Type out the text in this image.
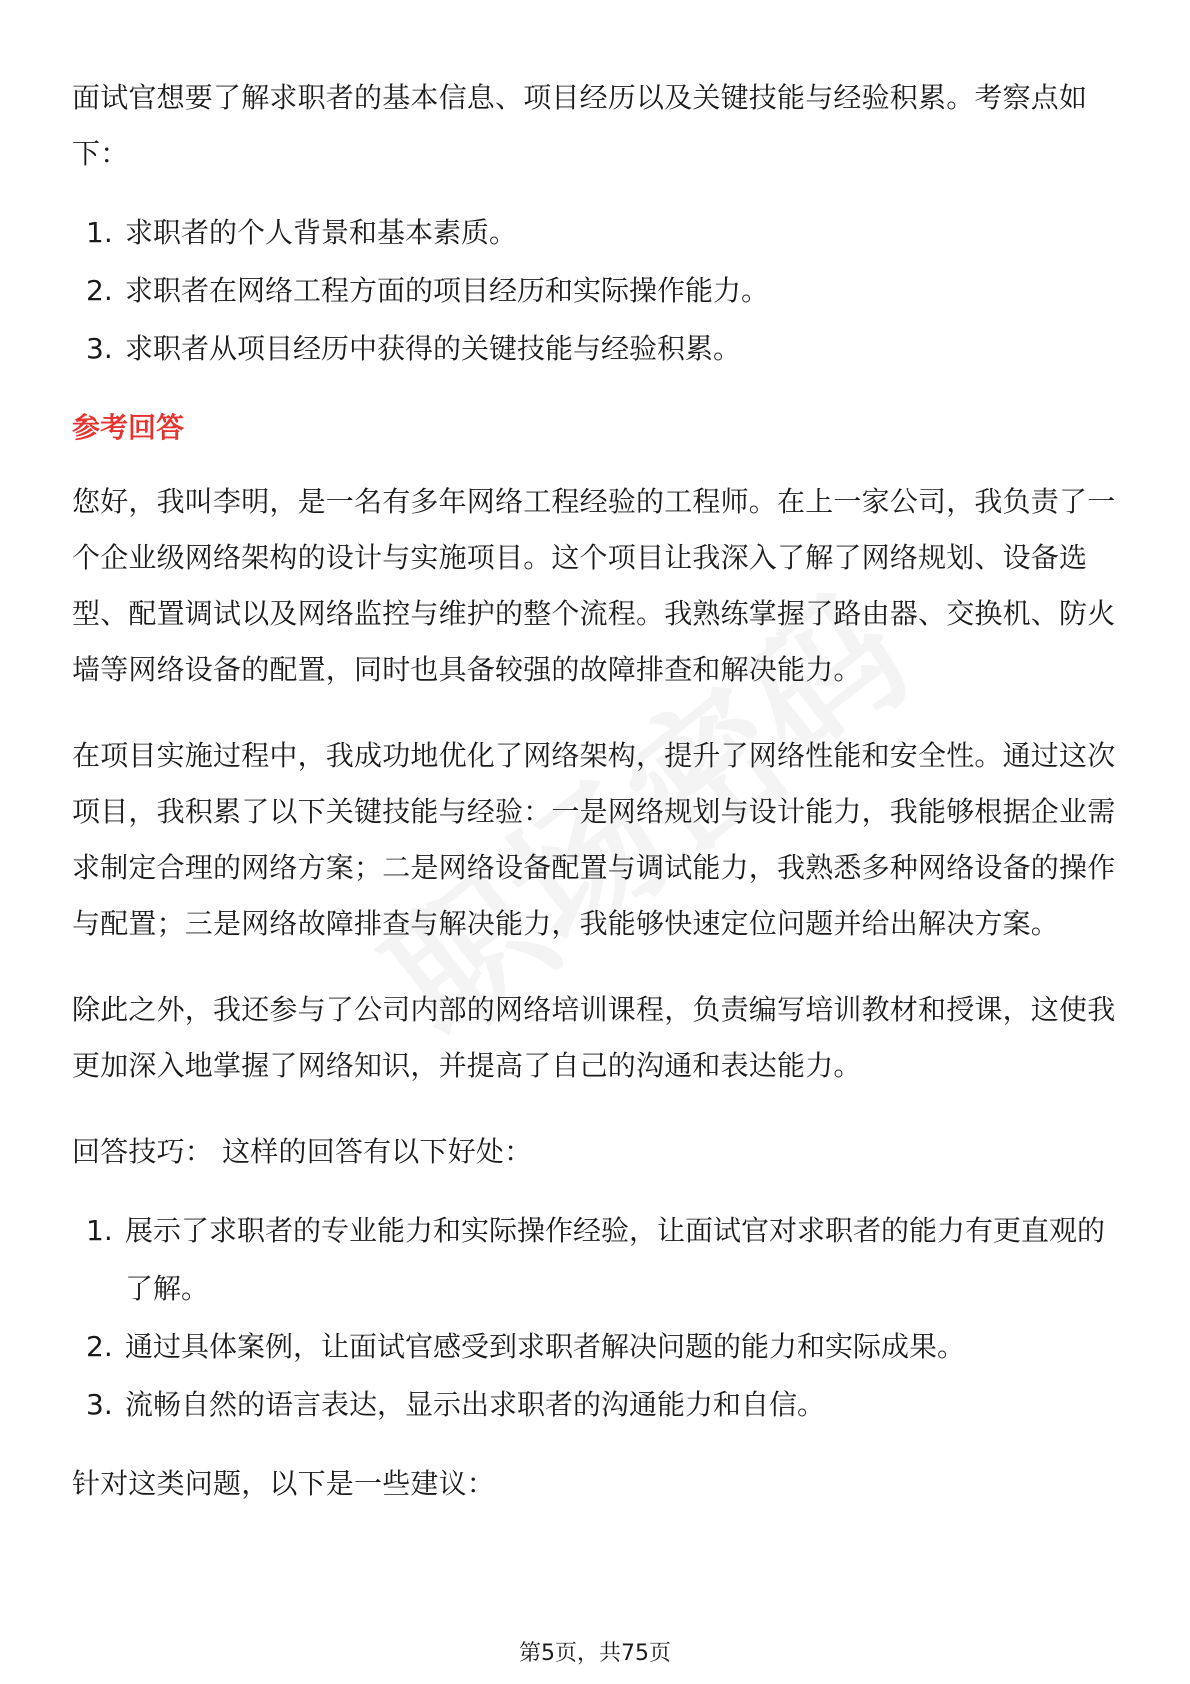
面试官想要了解求职者的基本信息、项目经历以及关键技能与经验积累。考察点如下：

1. 求职者的个人背景和基本素质。
2. 求职者在网络工程方面的项目经历和实际操作能力。
3. 求职者从项目经历中获得的关键技能与经验积累。
参考回答

您好，我叫李明，是一名有多年网络工程经验的工程师。在上一家公司，我负责了一个企业级网络架构的设计与实施项目。这个项目让我深入了解了网络规划、设备选型、配置调试以及网络监控与维护的整个流程。我熟练掌握了路由器、交换机、防火墙等网络设备的配置，同时也具备较强的故障排查和解决能力。

在项目实施过程中，我成功地优化了网络架构，提升了网络性能和安全性。通过这次项目，我积累了以下关键技能与经验：一是网络规划与设计能力，我能够根据企业需求制定合理的网络方案；二是网络设备配置与调试能力，我熟悉多种网络设备的操作与配置；三是网络故障排查与解决能力，我能够快速定位问题并给出解决方案。

除此之外，我还参与了公司内部的网络培训课程，负责编写培训教材和授课，这使我更加深入地掌握了网络知识，并提高了自己的沟通和表达能力。

回答技巧： 这样的回答有以下好处：

1. 展示了求职者的专业能力和实际操作经验，让面试官对求职者的能力有更直观的了解。
2. 通过具体案例，让面试官感受到求职者解决问题的能力和实际成果。
3. 流畅自然的语言表达，显示出求职者的沟通能力和自信。

针对这类问题，以下是一些建议：

第5页，共75页
